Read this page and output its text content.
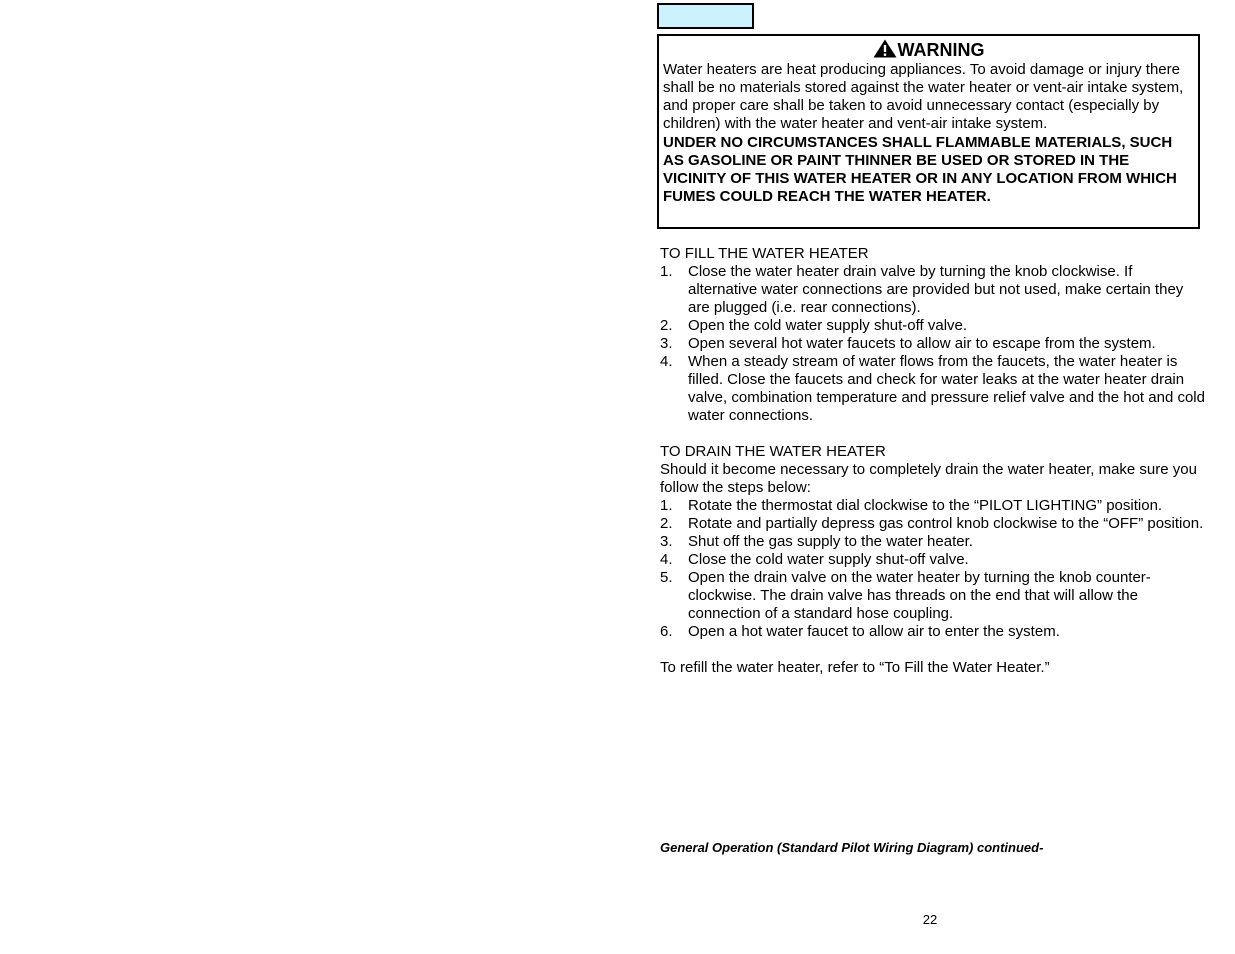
WARNING

Water heaters are heat producing appliances. To avoid damage or injury there shall be no materials stored against the water heater or vent-air intake system, and proper care shall be taken to avoid unnecessary contact (especially by children) with the water heater and vent-air intake system.

UNDER NO CIRCUMSTANCES SHALL FLAMMABLE MATERIALS, SUCH AS GASOLINE OR PAINT THINNER BE USED OR STORED IN THE VICINITY OF THIS WATER HEATER OR IN ANY LOCATION FROM WHICH FUMES COULD REACH THE WATER HEATER.

TO FILL THE WATER HEATER

1. Close the water heater drain valve by turning the knob clockwise. If alternative water connections are provided but not used, make certain they are plugged (i.e. rear connections).
2. Open the cold water supply shut-off valve.
3. Open several hot water faucets to allow air to escape from the system.
4. When a steady stream of water flows from the faucets, the water heater is filled. Close the faucets and check for water leaks at the water heater drain valve, combination temperature and pressure relief valve and the hot and cold water connections.

TO DRAIN THE WATER HEATER

Should it become necessary to completely drain the water heater, make sure you follow the steps below:

1. Rotate the thermostat dial clockwise to the “PILOT LIGHTING” position.
2. Rotate and partially depress gas control knob clockwise to the “OFF” position.
3. Shut off the gas supply to the water heater.
4. Close the cold water supply shut-off valve.
5. Open the drain valve on the water heater by turning the knob counter-clockwise. The drain valve has threads on the end that will allow the connection of a standard hose coupling.
6. Open a hot water faucet to allow air to enter the system.

To refill the water heater, refer to “To Fill the Water Heater.”

General Operation (Standard Pilot Wiring Diagram) continued-
22
